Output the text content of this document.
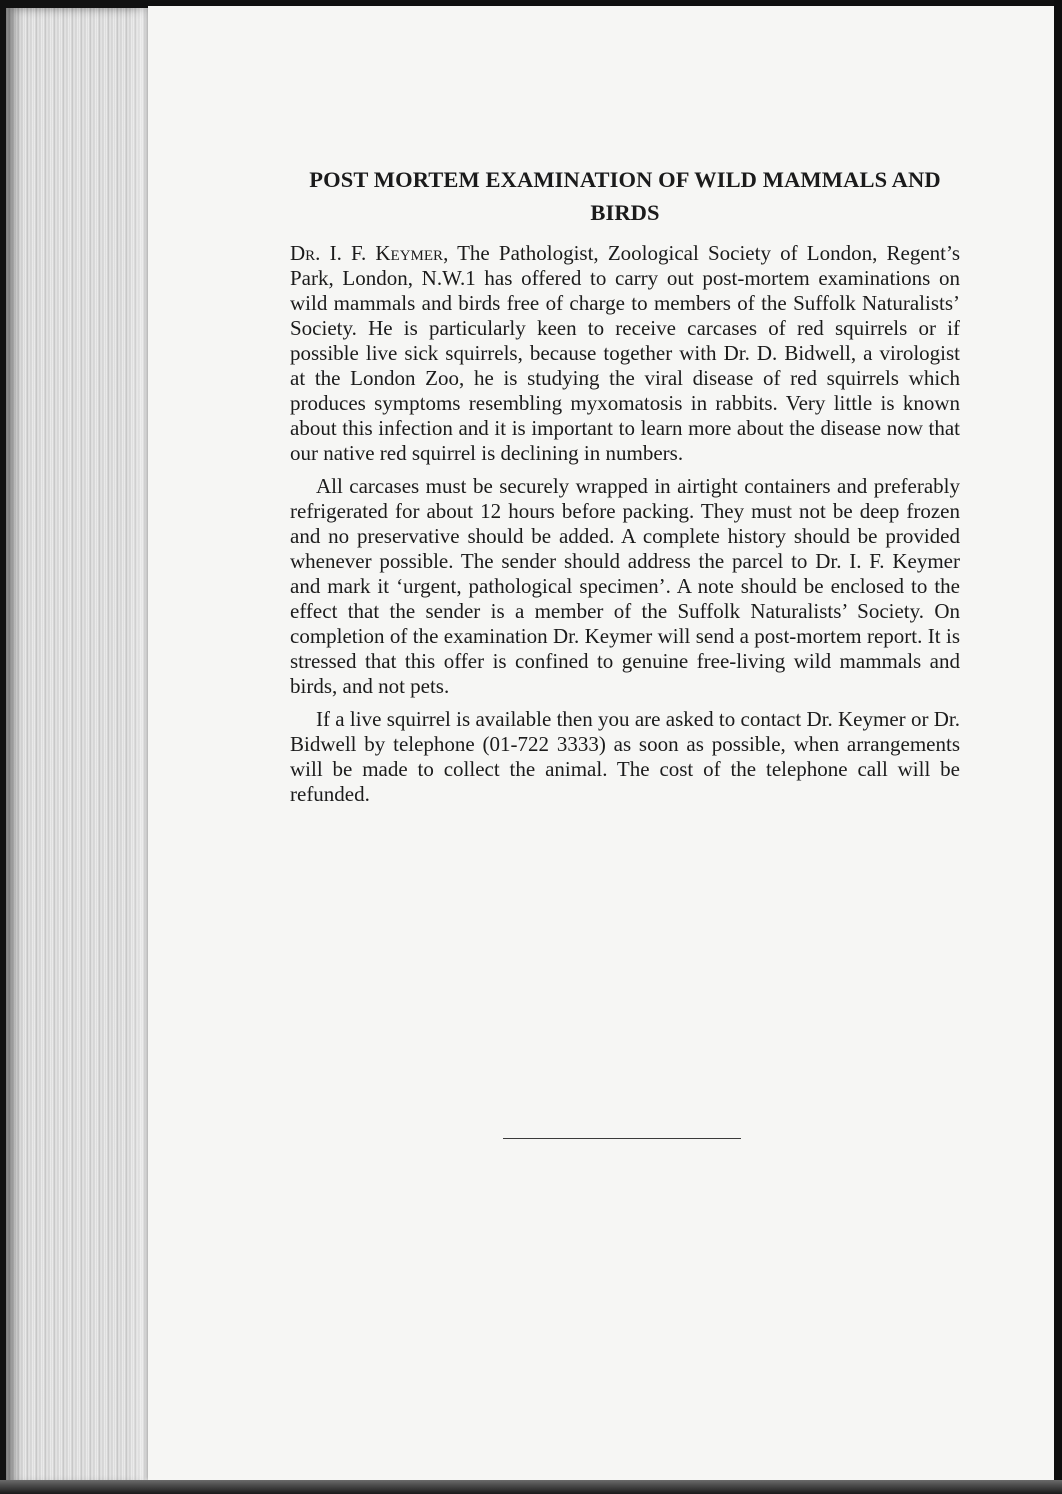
POST MORTEM EXAMINATION OF WILD MAMMALS AND BIRDS

Dr. I. F. Keymer, The Pathologist, Zoological Society of London, Regent’s Park, London, N.W.1 has offered to carry out post-mortem examinations on wild mammals and birds free of charge to members of the Suffolk Naturalists’ Society. He is particularly keen to receive carcases of red squirrels or if possible live sick squirrels, because together with Dr. D. Bidwell, a virologist at the London Zoo, he is studying the viral disease of red squirrels which produces symptoms resembling myxomatosis in rabbits. Very little is known about this infection and it is important to learn more about the disease now that our native red squirrel is declining in numbers.

All carcases must be securely wrapped in airtight containers and preferably refrigerated for about 12 hours before packing. They must not be deep frozen and no preservative should be added. A complete history should be provided whenever possible. The sender should address the parcel to Dr. I. F. Keymer and mark it ‘urgent, pathological specimen’. A note should be enclosed to the effect that the sender is a member of the Suffolk Naturalists’ Society. On completion of the examination Dr. Keymer will send a post-mortem report. It is stressed that this offer is confined to genuine free-living wild mammals and birds, and not pets.

If a live squirrel is available then you are asked to contact Dr. Keymer or Dr. Bidwell by telephone (01-722 3333) as soon as possible, when arrangements will be made to collect the animal. The cost of the telephone call will be refunded.
